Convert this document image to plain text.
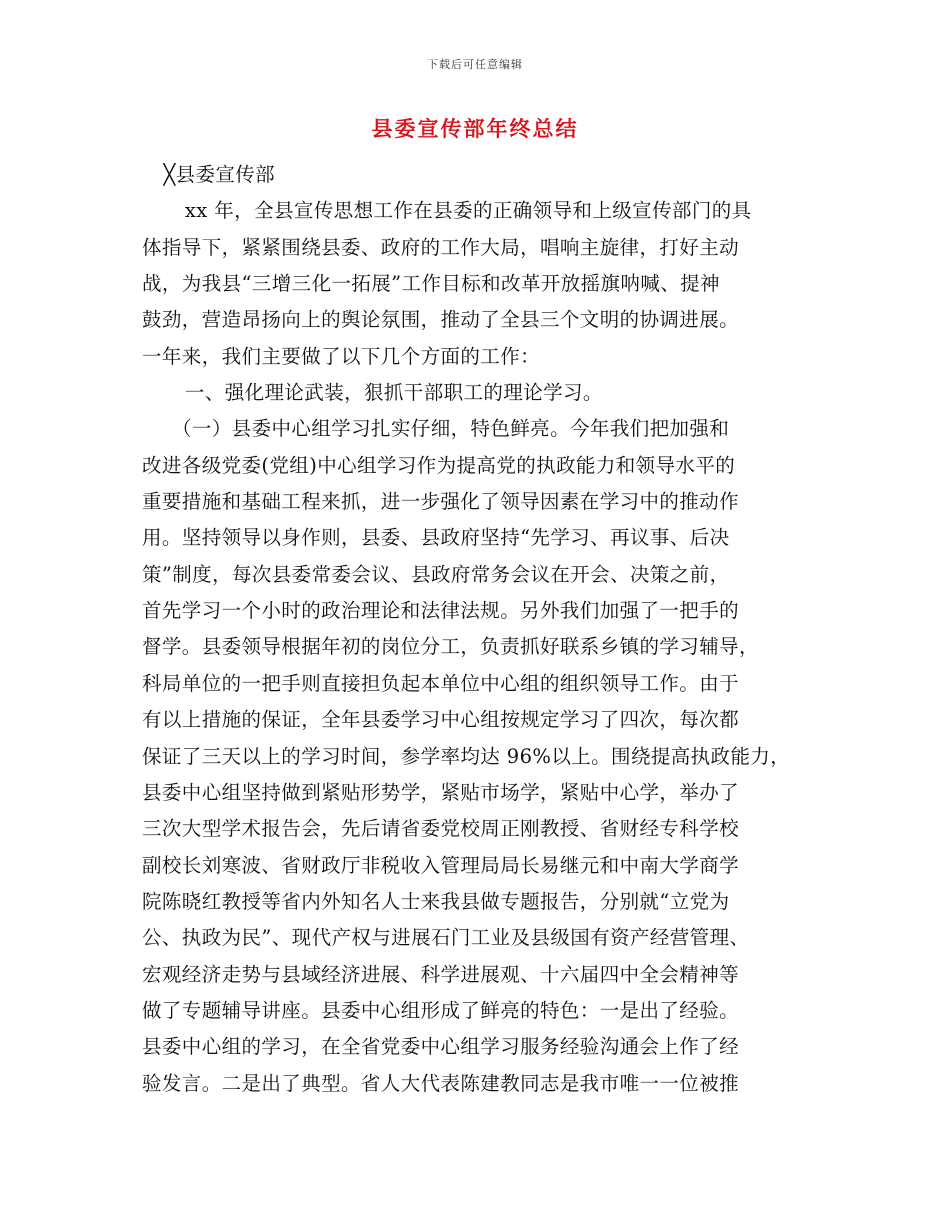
下载后可任意编辑
县委宣传部年终总结
╳县委宣传部
xx 年，全县宣传思想工作在县委的正确领导和上级宣传部门的具
体指导下，紧紧围绕县委、政府的工作大局，唱响主旋律，打好主动
战，为我县“三增三化一拓展”工作目标和改革开放摇旗呐喊、提神
鼓劲，营造昂扬向上的舆论氛围，推动了全县三个文明的协调进展。
一年来，我们主要做了以下几个方面的工作：
一、强化理论武装，狠抓干部职工的理论学习。
（一）县委中心组学习扎实仔细，特色鲜亮。今年我们把加强和
改进各级党委(党组)中心组学习作为提高党的执政能力和领导水平的
重要措施和基础工程来抓，进一步强化了领导因素在学习中的推动作
用。坚持领导以身作则，县委、县政府坚持“先学习、再议事、后决
策”制度，每次县委常委会议、县政府常务会议在开会、决策之前，
首先学习一个小时的政治理论和法律法规。另外我们加强了一把手的
督学。县委领导根据年初的岗位分工，负责抓好联系乡镇的学习辅导，
科局单位的一把手则直接担负起本单位中心组的组织领导工作。由于
有以上措施的保证，全年县委学习中心组按规定学习了四次，每次都
保证了三天以上的学习时间，参学率均达 96%以上。围绕提高执政能力，
县委中心组坚持做到紧贴形势学，紧贴市场学，紧贴中心学，举办了
三次大型学术报告会，先后请省委党校周正刚教授、省财经专科学校
副校长刘寒波、省财政厅非税收入管理局局长易继元和中南大学商学
院陈晓红教授等省内外知名人士来我县做专题报告，分别就“立党为
公、执政为民”、现代产权与进展石门工业及县级国有资产经营管理、
宏观经济走势与县域经济进展、科学进展观、十六届四中全会精神等
做了专题辅导讲座。县委中心组形成了鲜亮的特色：一是出了经验。
县委中心组的学习，在全省党委中心组学习服务经验沟通会上作了经
验发言。二是出了典型。省人大代表陈建教同志是我市唯一一位被推
